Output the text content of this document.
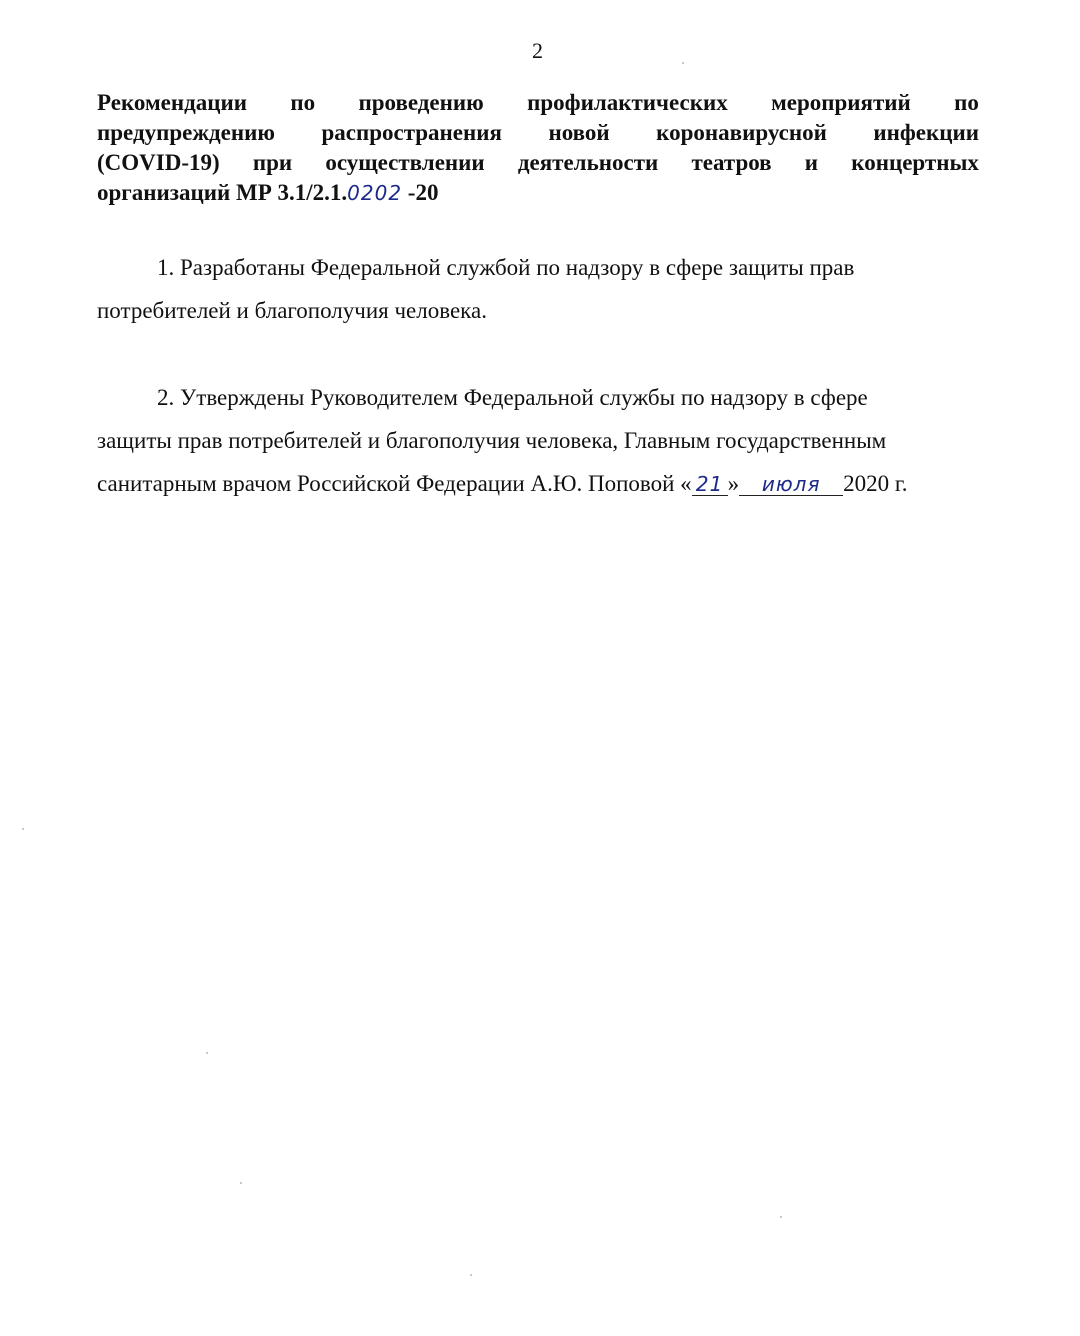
2
Рекомендации по проведению профилактических мероприятий по
предупреждению распространения новой коронавирусной инфекции
(COVID-19) при осуществлении деятельности театров и концертных
организаций МР 3.1/2.1.0202 -20
1. Разработаны Федеральной службой по надзору в сфере защиты прав
потребителей и благополучия человека.
2. Утверждены Руководителем Федеральной службы по надзору в сфере
защиты прав потребителей и благополучия человека, Главным государственным
санитарным врачом Российской Федерации А.Ю. Поповой « 21 » июля 2020 г.
